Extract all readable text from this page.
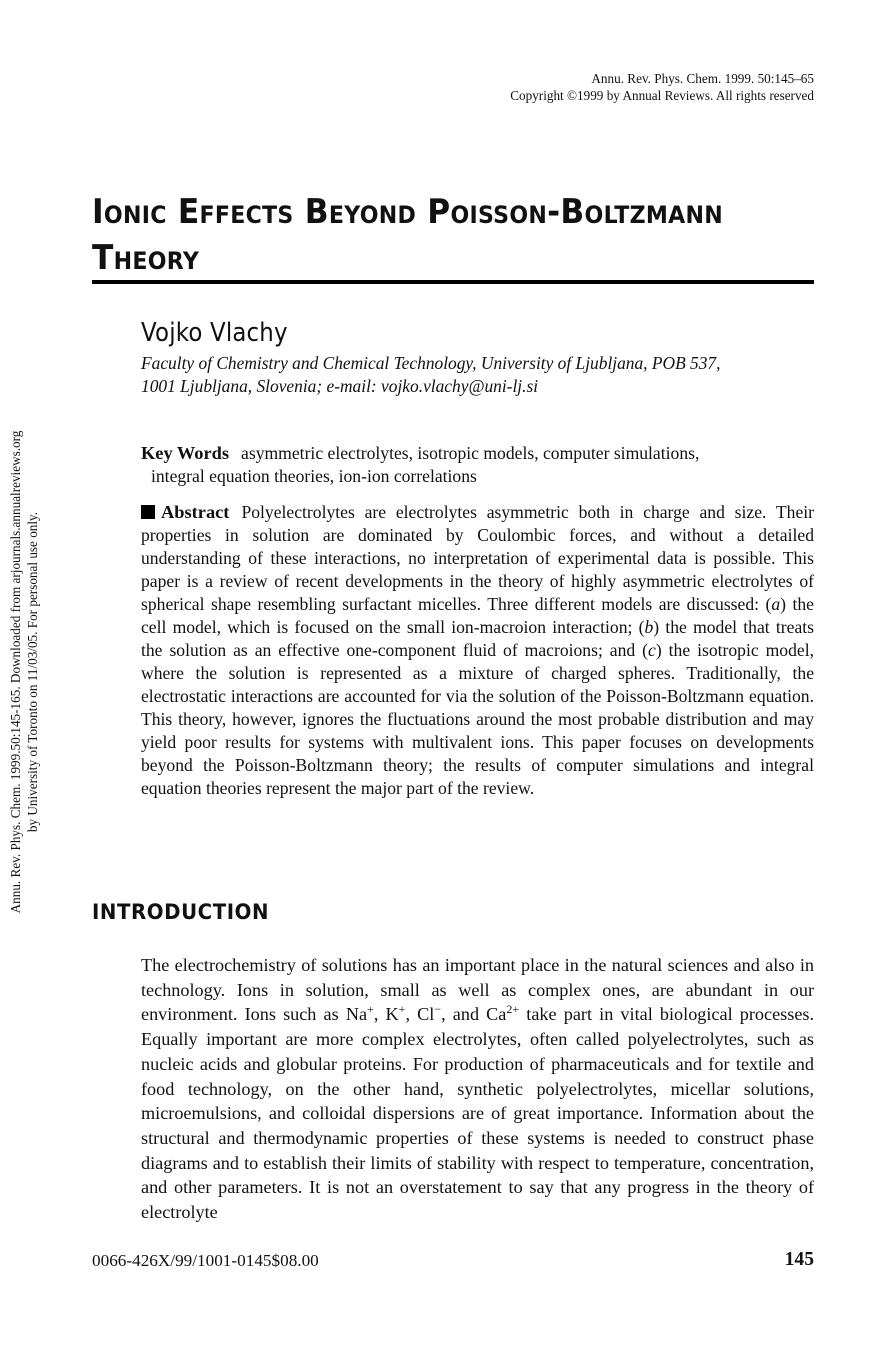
Annu. Rev. Phys. Chem. 1999. 50:145–65
Copyright ©1999 by Annual Reviews. All rights reserved
Annu. Rev. Phys. Chem. 1999.50:145-165. Downloaded from arjournals.annualreviews.org by University of Toronto on 11/03/05. For personal use only.
Ionic Effects Beyond Poisson-Boltzmann
Theory
Vojko Vlachy
Faculty of Chemistry and Chemical Technology, University of Ljubljana, POB 537,
1001 Ljubljana, Slovenia; e-mail: vojko.vlachy@uni-lj.si
Key Words asymmetric electrolytes, isotropic models, computer simulations,
integral equation theories, ion-ion correlations
Abstract Polyelectrolytes are electrolytes asymmetric both in charge and size. Their properties in solution are dominated by Coulombic forces, and without a detailed understanding of these interactions, no interpretation of experimental data is possible. This paper is a review of recent developments in the theory of highly asymmetric electrolytes of spherical shape resembling surfactant micelles. Three different models are discussed: (a) the cell model, which is focused on the small ion-macroion interaction; (b) the model that treats the solution as an effective one-component fluid of macroions; and (c) the isotropic model, where the solution is represented as a mixture of charged spheres. Traditionally, the electrostatic interactions are accounted for via the solution of the Poisson-Boltzmann equation. This theory, however, ignores the fluctuations around the most probable distribution and may yield poor results for systems with multivalent ions. This paper focuses on developments beyond the Poisson-Boltzmann theory; the results of computer simulations and integral equation theories represent the major part of the review.
INTRODUCTION
The electrochemistry of solutions has an important place in the natural sciences and also in technology. Ions in solution, small as well as complex ones, are abundant in our environment. Ions such as Na+, K+, Cl−, and $Ca^{2+}$ take part in vital biological processes. Equally important are more complex electrolytes, often called polyelectrolytes, such as nucleic acids and globular proteins. For production of pharmaceuticals and for textile and food technology, on the other hand, synthetic polyelectrolytes, micellar solutions, microemulsions, and colloidal dispersions are of great importance. Information about the structural and thermodynamic properties of these systems is needed to construct phase diagrams and to establish their limits of stability with respect to temperature, concentration, and other parameters. It is not an overstatement to say that any progress in the theory of electrolyte
0066-426X/99/1001-0145$08.00	145
